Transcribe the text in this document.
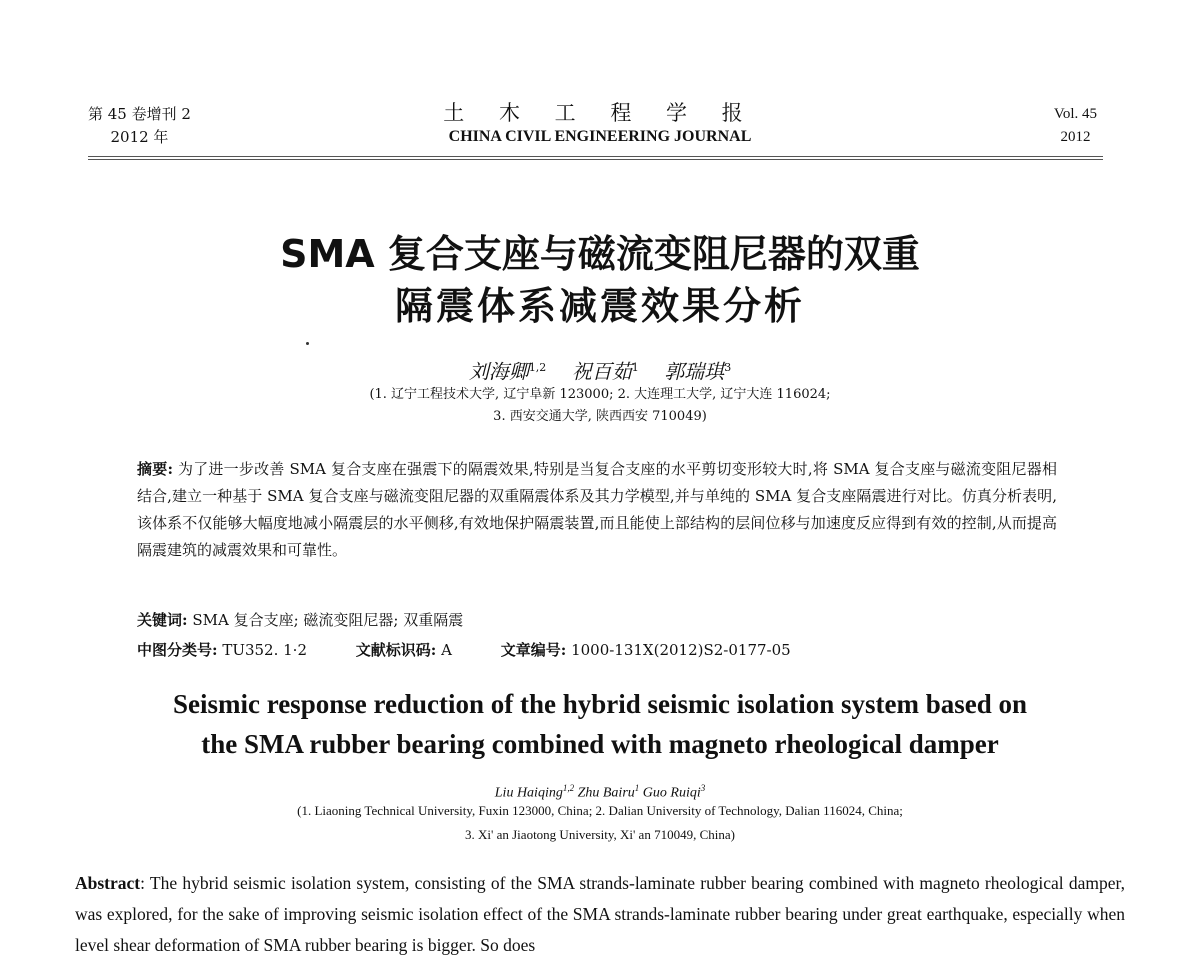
第 45 卷增刊 2
2012 年
土 木 工 程 学 报
CHINA CIVIL ENGINEERING JOURNAL
Vol. 45
2012
SMA 复合支座与磁流变阻尼器的双重
隔震体系减震效果分析
刘海卿$^{1,2}$ 祝百茹$^1$ 郭瑞琪$^3$
(1. 辽宁工程技术大学, 辽宁阜新 123000; 2. 大连理工大学, 辽宁大连 116024;
3. 西安交通大学, 陕西西安 710049)
摘要: 为了进一步改善 SMA 复合支座在强震下的隔震效果,特别是当复合支座的水平剪切变形较大时,将 SMA 复合支座与磁流变阻尼器相结合,建立一种基于 SMA 复合支座与磁流变阻尼器的双重隔震体系及其力学模型,并与单纯的 SMA 复合支座隔震进行对比。仿真分析表明,该体系不仅能够大幅度地减小隔震层的水平侧移,有效地保护隔震装置,而且能使上部结构的层间位移与加速度反应得到有效的控制,从而提高隔震建筑的减震效果和可靠性。
关键词: SMA 复合支座; 磁流变阻尼器; 双重隔震
中图分类号: TU352. 1·2	文献标识码: A	文章编号: 1000-131X(2012)S2-0177-05
Seismic response reduction of the hybrid seismic isolation system based on
the SMA rubber bearing combined with magneto rheological damper
Liu Haiqing$^{1,2}$ Zhu Bairu$^1$ Guo Ruiqi$^3$
(1. Liaoning Technical University, Fuxin 123000, China; 2. Dalian University of Technology, Dalian 116024, China;
3. Xi' an Jiaotong University, Xi' an 710049, China)
Abstract: The hybrid seismic isolation system, consisting of the SMA strands-laminate rubber bearing combined with magneto rheological damper, was explored, for the sake of improving seismic isolation effect of the SMA strands-laminate rubber bearing under great earthquake, especially when level shear deformation of SMA rubber bearing is bigger. So does
